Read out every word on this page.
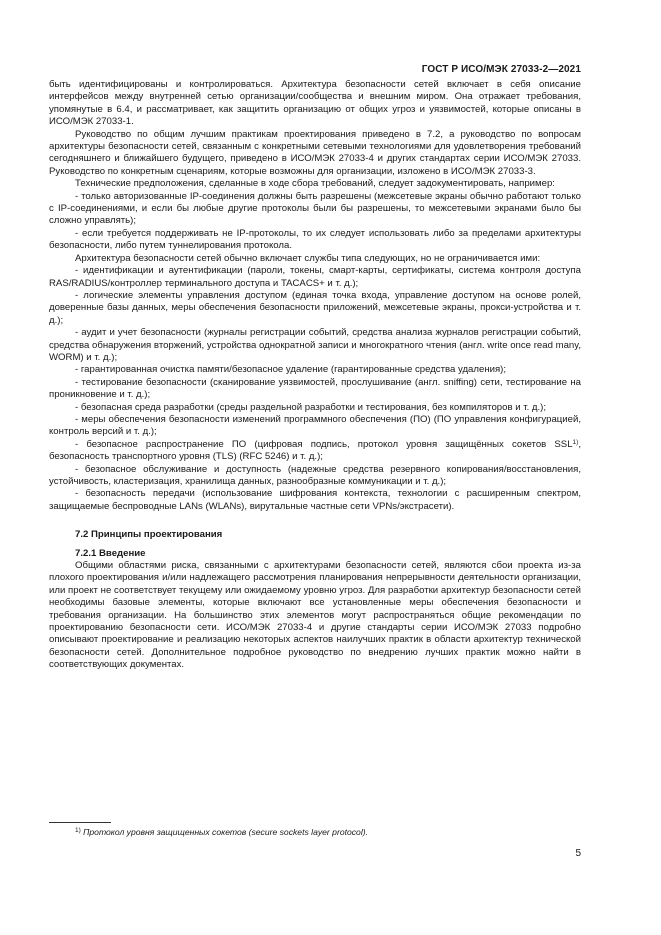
ГОСТ Р ИСО/МЭК 27033-2—2021

быть идентифицированы и контролироваться. Архитектура безопасности сетей включает в себя описание интерфейсов между внутренней сетью организации/сообщества и внешним миром. Она отражает требования, упомянутые в 6.4, и рассматривает, как защитить организацию от общих угроз и уязвимостей, которые описаны в ИСО/МЭК 27033-1.

Руководство по общим лучшим практикам проектирования приведено в 7.2, а руководство по вопросам архитектуры безопасности сетей, связанным с конкретными сетевыми технологиями для удовлетворения требований сегодняшнего и ближайшего будущего, приведено в ИСО/МЭК 27033-4 и других стандартах серии ИСО/МЭК 27033. Руководство по конкретным сценариям, которые возможны для организации, изложено в ИСО/МЭК 27033-3.

Технические предположения, сделанные в ходе сбора требований, следует задокументировать, например:

- только авторизованные IP-соединения должны быть разрешены (межсетевые экраны обычно работают только с IP-соединениями, и если бы любые другие протоколы были бы разрешены, то межсетевыми экранами было бы сложно управлять);

- если требуется поддерживать не IP-протоколы, то их следует использовать либо за пределами архитектуры безопасности, либо путем туннелирования протокола.

Архитектура безопасности сетей обычно включает службы типа следующих, но не ограничивается ими:

- идентификации и аутентификации (пароли, токены, смарт-карты, сертификаты, система контроля доступа RAS/RADIUS/контроллер терминального доступа и TACACS+ и т. д.);

- логические элементы управления доступом (единая точка входа, управление доступом на основе ролей, доверенные базы данных, меры обеспечения безопасности приложений, межсетевые экраны, прокси-устройства и т. д.);

- аудит и учет безопасности (журналы регистрации событий, средства анализа журналов регистрации событий, средства обнаружения вторжений, устройства однократной записи и многократного чтения (англ. write once read many, WORM) и т. д.);

- гарантированная очистка памяти/безопасное удаление (гарантированные средства удаления);

- тестирование безопасности (сканирование уязвимостей, прослушивание (англ. sniffing) сети, тестирование на проникновение и т. д.);

- безопасная среда разработки (среды раздельной разработки и тестирования, без компиляторов и т. д.);

- меры обеспечения безопасности изменений программного обеспечения (ПО) (ПО управления конфигурацией, контроль версий и т. д.);

- безопасное распространение ПО (цифровая подпись, протокол уровня защищённых сокетов SSL$^{1)}$, безопасность транспортного уровня (TLS) (RFC 5246) и т. д.);

- безопасное обслуживание и доступность (надежные средства резервного копирования/восстановления, устойчивость, кластеризация, хранилища данных, разнообразные коммуникации и т. д.);

- безопасность передачи (использование шифрования контекста, технологии с расширенным спектром, защищаемые беспроводные LANs (WLANs), вирутальные частные сети VPNs/экстрасети).

7.2 Принципы проектирования

7.2.1 Введение

Общими областями риска, связанными с архитектурами безопасности сетей, являются сбои проекта из-за плохого проектирования и/или надлежащего рассмотрения планирования непрерывности деятельности организации, или проект не соответствует текущему или ожидаемому уровню угроз. Для разработки архитектур безопасности сетей необходимы базовые элементы, которые включают все установленные меры обеспечения безопасности и требования организации. На большинство этих элементов могут распространяться общие рекомендации по проектированию безопасности сети. ИСО/МЭК 27033-4 и другие стандарты серии ИСО/МЭК 27033 подробно описывают проектирование и реализацию некоторых аспектов наилучших практик в области архитектур технической безопасности сетей. Дополнительное подробное руководство по внедрению лучших практик можно найти в соответствующих документах.

$^{1)}$ Протокол уровня защищенных сокетов (secure sockets layer protocol).
5
